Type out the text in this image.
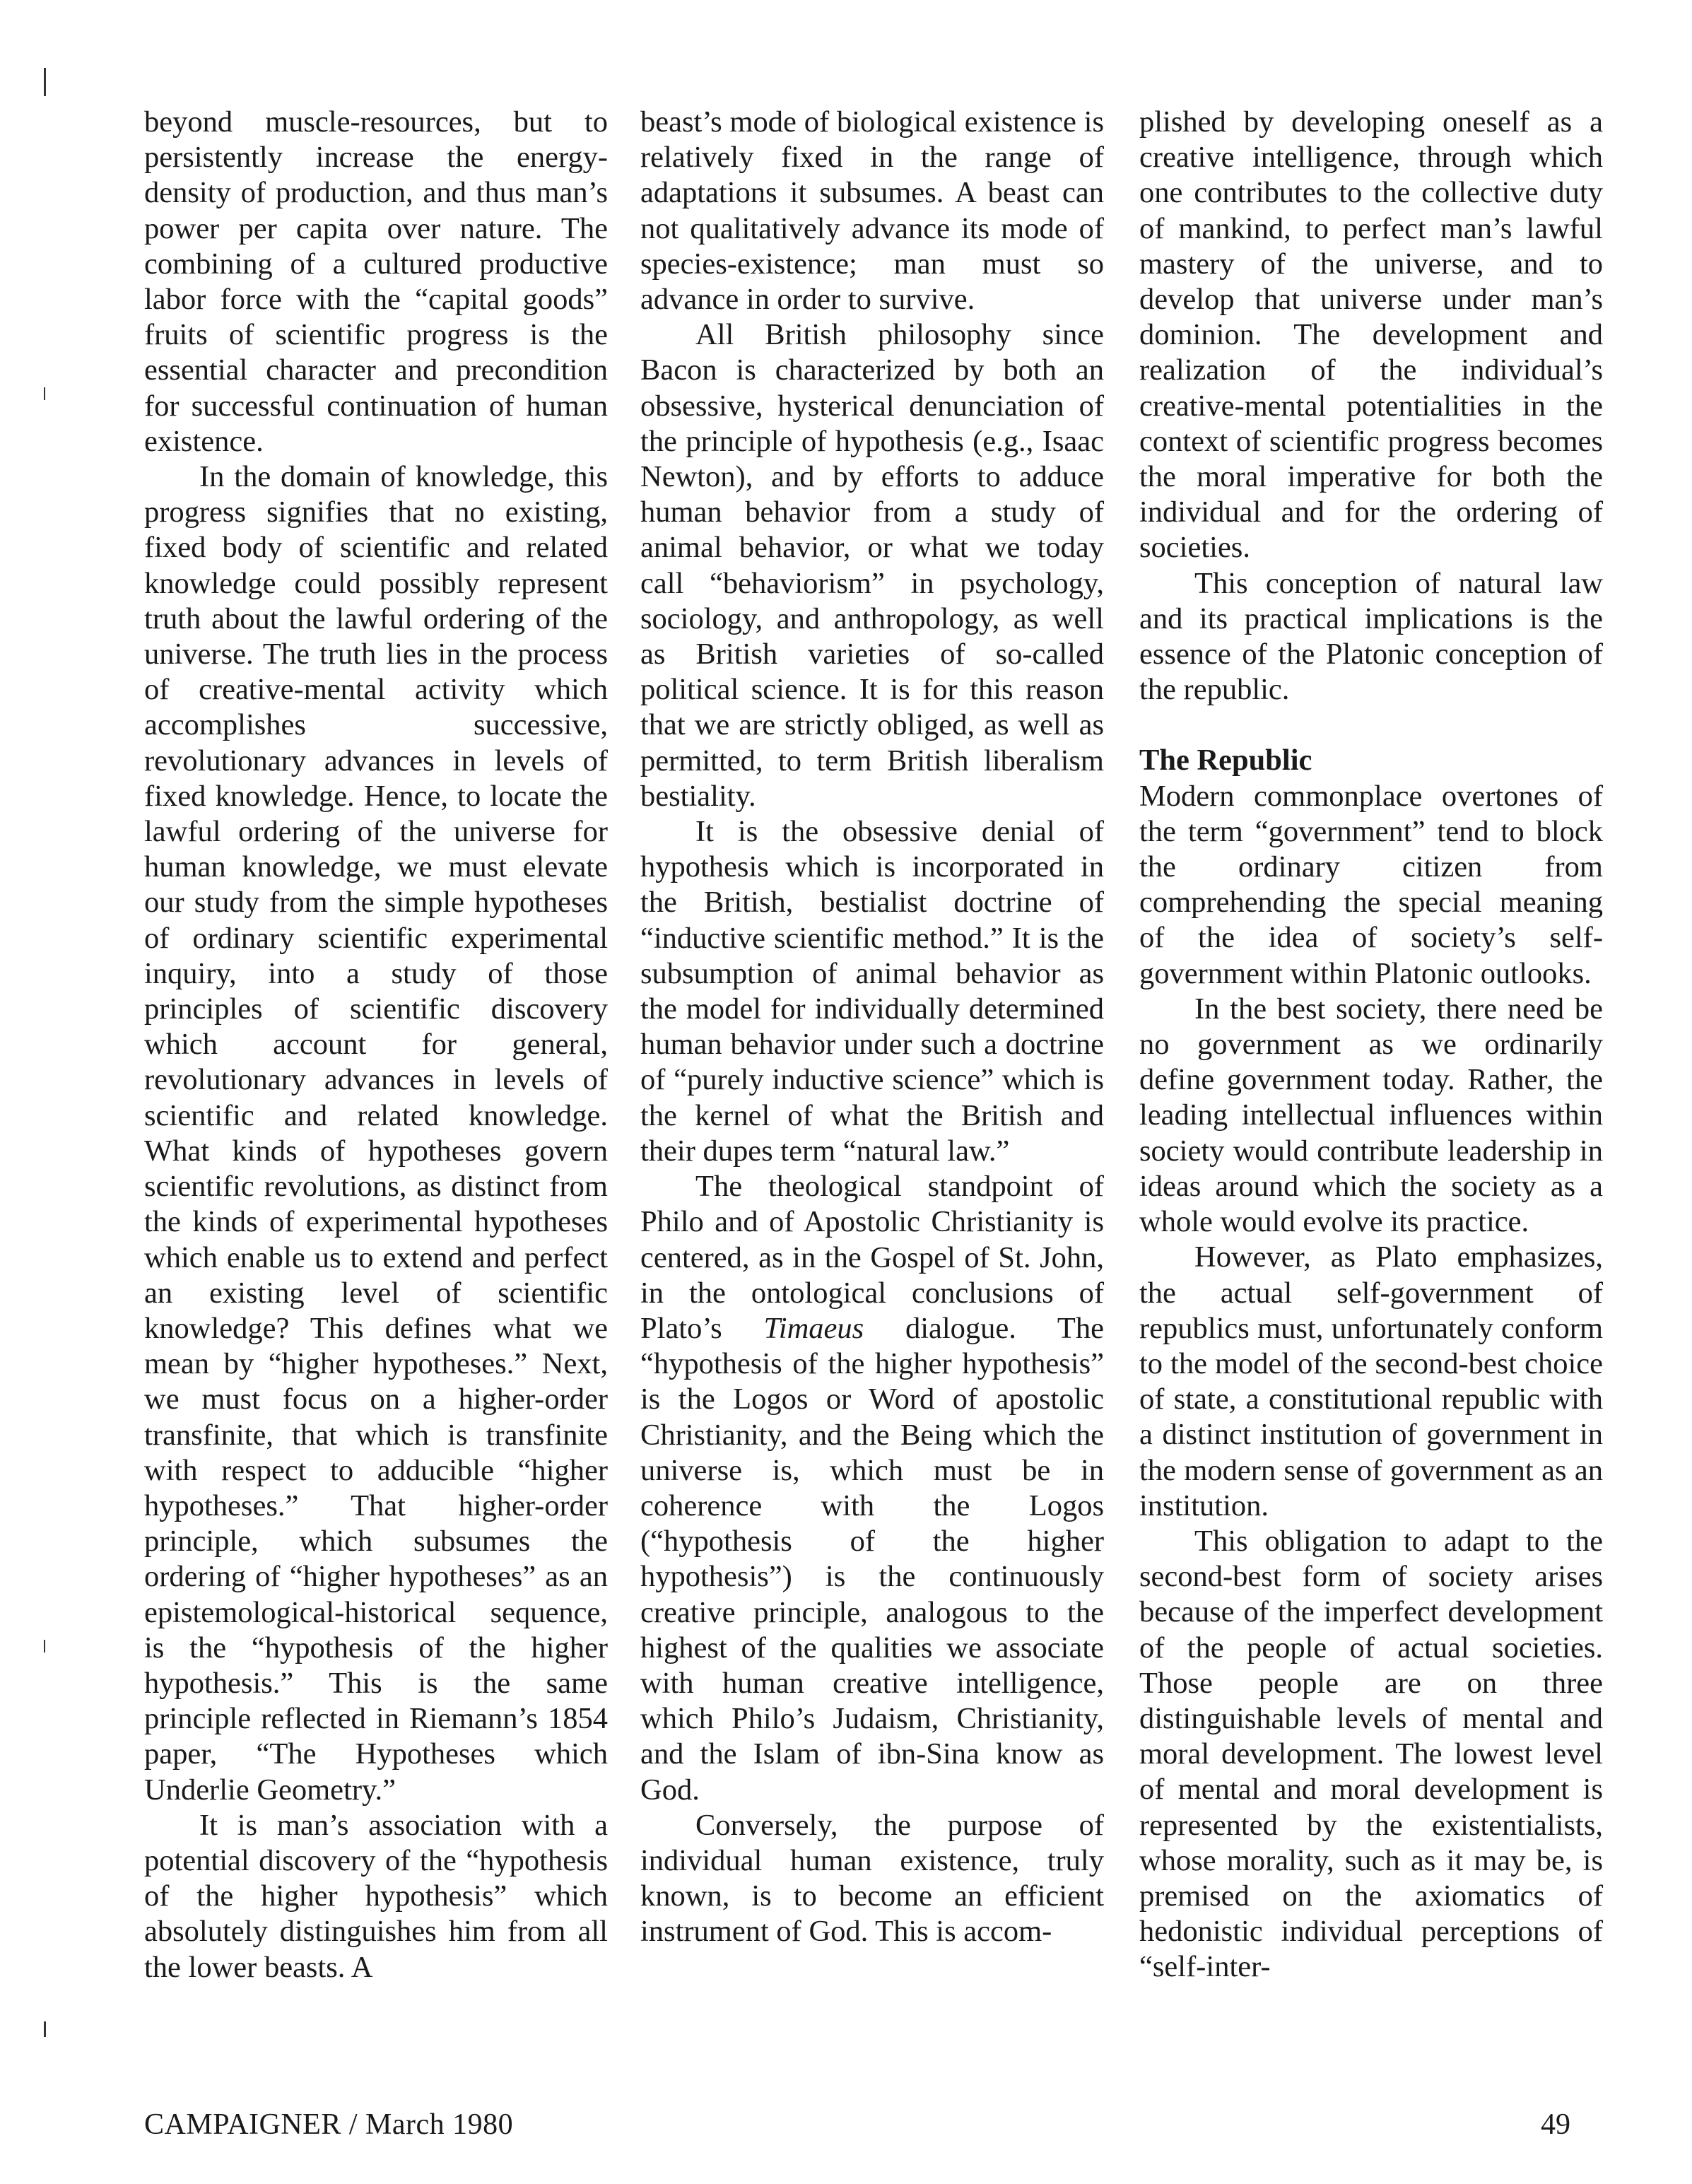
beyond muscle-resources, but to persistently increase the energy-density of production, and thus man’s power per capita over nature. The combining of a cultured productive labor force with the “capital goods” fruits of scientific progress is the essential character and precondition for successful continuation of human existence.

In the domain of knowledge, this progress signifies that no existing, fixed body of scientific and related knowledge could possibly represent truth about the lawful ordering of the universe. The truth lies in the process of creative-mental activity which accomplishes successive, revolutionary advances in levels of fixed knowledge. Hence, to locate the lawful ordering of the universe for human knowledge, we must elevate our study from the simple hypotheses of ordinary scientific experimental inquiry, into a study of those principles of scientific discovery which account for general, revolutionary advances in levels of scientific and related knowledge. What kinds of hypotheses govern scientific revolutions, as distinct from the kinds of experimental hypotheses which enable us to extend and perfect an existing level of scientific knowledge? This defines what we mean by “higher hypotheses.” Next, we must focus on a higher-order transfinite, that which is transfinite with respect to adducible “higher hypotheses.” That higher-order principle, which subsumes the ordering of “higher hypotheses” as an epistemological-historical sequence, is the “hypothesis of the higher hypothesis.” This is the same principle reflected in Riemann’s 1854 paper, “The Hypotheses which Underlie Geometry.”

It is man’s association with a potential discovery of the “hypothesis of the higher hypothesis” which absolutely distinguishes him from all the lower beasts. A

beast’s mode of biological existence is relatively fixed in the range of adaptations it subsumes. A beast can not qualitatively advance its mode of species-existence; man must so advance in order to survive.

All British philosophy since Bacon is characterized by both an obsessive, hysterical denunciation of the principle of hypothesis (e.g., Isaac Newton), and by efforts to adduce human behavior from a study of animal behavior, or what we today call “behaviorism” in psychology, sociology, and anthropology, as well as British varieties of so-called political science. It is for this reason that we are strictly obliged, as well as permitted, to term British liberalism bestiality.

It is the obsessive denial of hypothesis which is incorporated in the British, bestialist doctrine of “inductive scientific method.” It is the subsumption of animal behavior as the model for individually determined human behavior under such a doctrine of “purely inductive science” which is the kernel of what the British and their dupes term “natural law.”

The theological standpoint of Philo and of Apostolic Christianity is centered, as in the Gospel of St. John, in the ontological conclusions of Plato’s Timaeus dialogue. The “hypothesis of the higher hypothesis” is the Logos or Word of apostolic Christianity, and the Being which the universe is, which must be in coherence with the Logos (“hypothesis of the higher hypothesis”) is the continuously creative principle, analogous to the highest of the qualities we associate with human creative intelligence, which Philo’s Judaism, Christianity, and the Islam of ibn-Sina know as God.

Conversely, the purpose of individual human existence, truly known, is to become an efficient instrument of God. This is accom-

plished by developing oneself as a creative intelligence, through which one contributes to the collective duty of mankind, to perfect man’s lawful mastery of the universe, and to develop that universe under man’s dominion. The development and realization of the individual’s creative-mental potentialities in the context of scientific progress becomes the moral imperative for both the individual and for the ordering of societies.

This conception of natural law and its practical implications is the essence of the Platonic conception of the republic.

The Republic

Modern commonplace overtones of the term “government” tend to block the ordinary citizen from comprehending the special meaning of the idea of society’s self-government within Platonic outlooks.

In the best society, there need be no government as we ordinarily define government today. Rather, the leading intellectual influences within society would contribute leadership in ideas around which the society as a whole would evolve its practice.

However, as Plato emphasizes, the actual self-government of republics must, unfortunately conform to the model of the second-best choice of state, a constitutional republic with a distinct institution of government in the modern sense of government as an institution.

This obligation to adapt to the second-best form of society arises because of the imperfect development of the people of actual societies. Those people are on three distinguishable levels of mental and moral development. The lowest level of mental and moral development is represented by the existentialists, whose morality, such as it may be, is premised on the axiomatics of hedonistic individual perceptions of “self-inter-

CAMPAIGNER / March 1980	49
